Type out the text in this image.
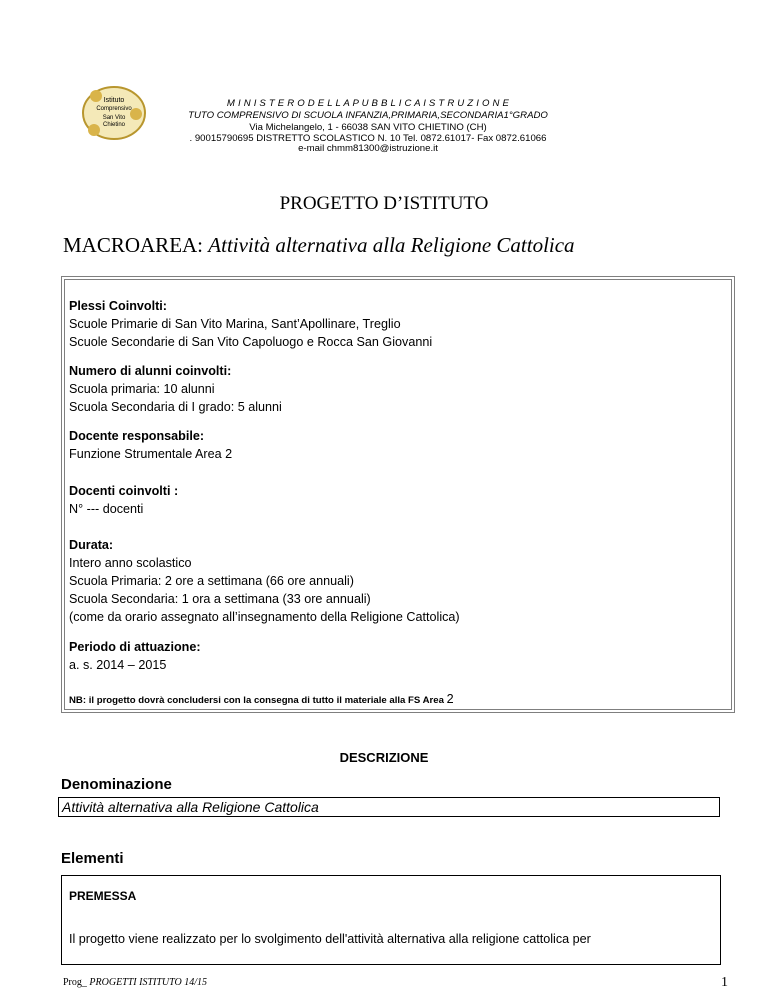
Istituto
Comprensivo
San Vito
Chietino
M I N I S T E R O D E L L A P U B B L I C A I S T R U Z I O N E
TUTO COMPRENSIVO DI SCUOLA INFANZIA,PRIMARIA,SECONDARIA1°GRADO
Via Michelangelo, 1 - 66038 SAN VITO CHIETINO (CH)
. 90015790695 DISTRETTO SCOLASTICO N. 10 Tel. 0872.61017- Fax 0872.61066
e-mail chmm81300@istruzione.it
PROGETTO D’ISTITUTO
MACROAREA: Attività alternativa alla Religione Cattolica
Plessi Coinvolti:
Scuole Primarie di San Vito Marina, Sant’Apollinare, Treglio
Scuole Secondarie di San Vito Capoluogo e Rocca San Giovanni
Numero di alunni coinvolti:
Scuola primaria: 10 alunni
Scuola Secondaria di I grado: 5 alunni
Docente responsabile:
Funzione Strumentale Area 2
Docenti coinvolti :
N° --- docenti
Durata:
Intero anno scolastico
Scuola Primaria: 2 ore a settimana (66 ore annuali)
Scuola Secondaria: 1 ora a settimana (33 ore annuali)
(come da orario assegnato all’insegnamento della Religione Cattolica)
Periodo di attuazione:
a. s. 2014 – 2015
NB: il progetto dovrà concludersi con la consegna di tutto il materiale alla FS Area 2
DESCRIZIONE
Denominazione
Attività alternativa alla Religione Cattolica
Elementi
PREMESSA
Il progetto viene realizzato per lo svolgimento dell'attività alternativa alla religione cattolica per
Prog_ PROGETTI ISTITUTO 14/15	1
